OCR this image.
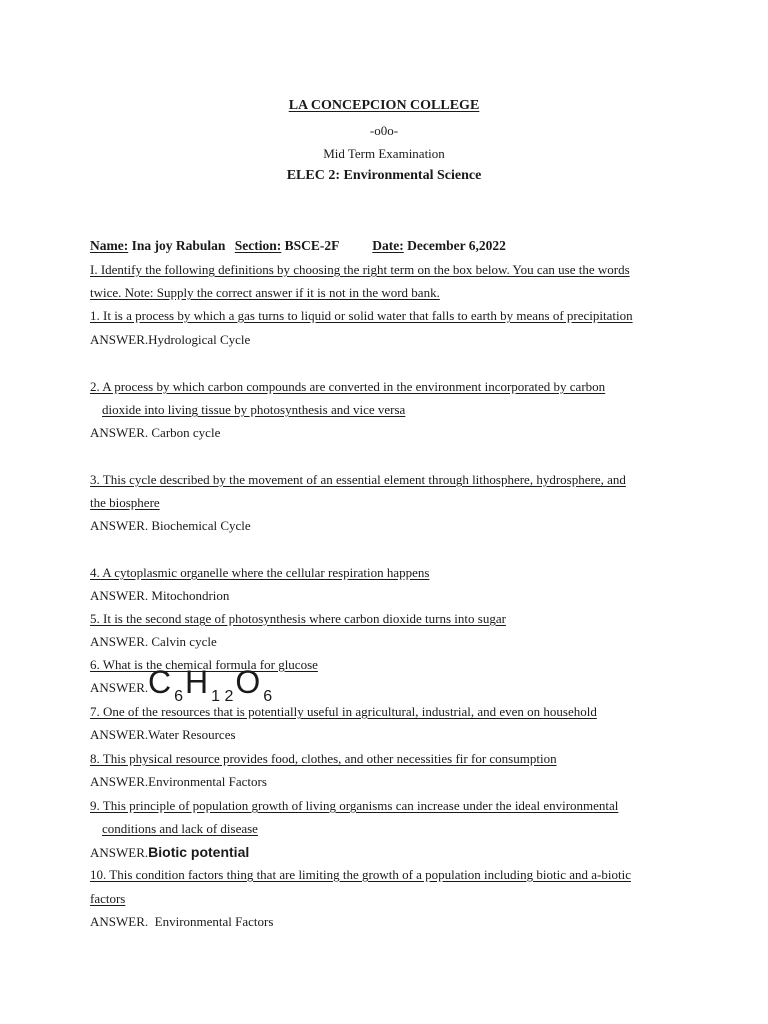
LA CONCEPCION COLLEGE
-o0o-
Mid Term Examination
ELEC 2: Environmental Science
Name: Ina joy Rabulan Section: BSCE-2F Date: December 6,2022
I. Identify the following definitions by choosing the right term on the box below. You can use the words
twice. Note: Supply the correct answer if it is not in the word bank.
1. It is a process by which a gas turns to liquid or solid water that falls to earth by means of precipitation
ANSWER.Hydrological Cycle
2. A process by which carbon compounds are converted in the environment incorporated by carbon
dioxide into living tissue by photosynthesis and vice versa
ANSWER. Carbon cycle
3. This cycle described by the movement of an essential element through lithosphere, hydrosphere, and
the biosphere
ANSWER. Biochemical Cycle
4. A cytoplasmic organelle where the cellular respiration happens
ANSWER. Mitochondrion
5. It is the second stage of photosynthesis where carbon dioxide turns into sugar
ANSWER. Calvin cycle
6. What is the chemical formula for glucose
ANSWER. C $_6$H $_{1 2}$O $_6$
7. One of the resources that is potentially useful in agricultural, industrial, and even on household
ANSWER.Water Resources
8. This physical resource provides food, clothes, and other necessities fir for consumption
ANSWER.Environmental Factors
9. This principle of population growth of living organisms can increase under the ideal environmental
conditions and lack of disease
ANSWER.Biotic potential
10. This condition factors thing that are limiting the growth of a population including biotic and a-biotic
factors
ANSWER.  Environmental Factors
